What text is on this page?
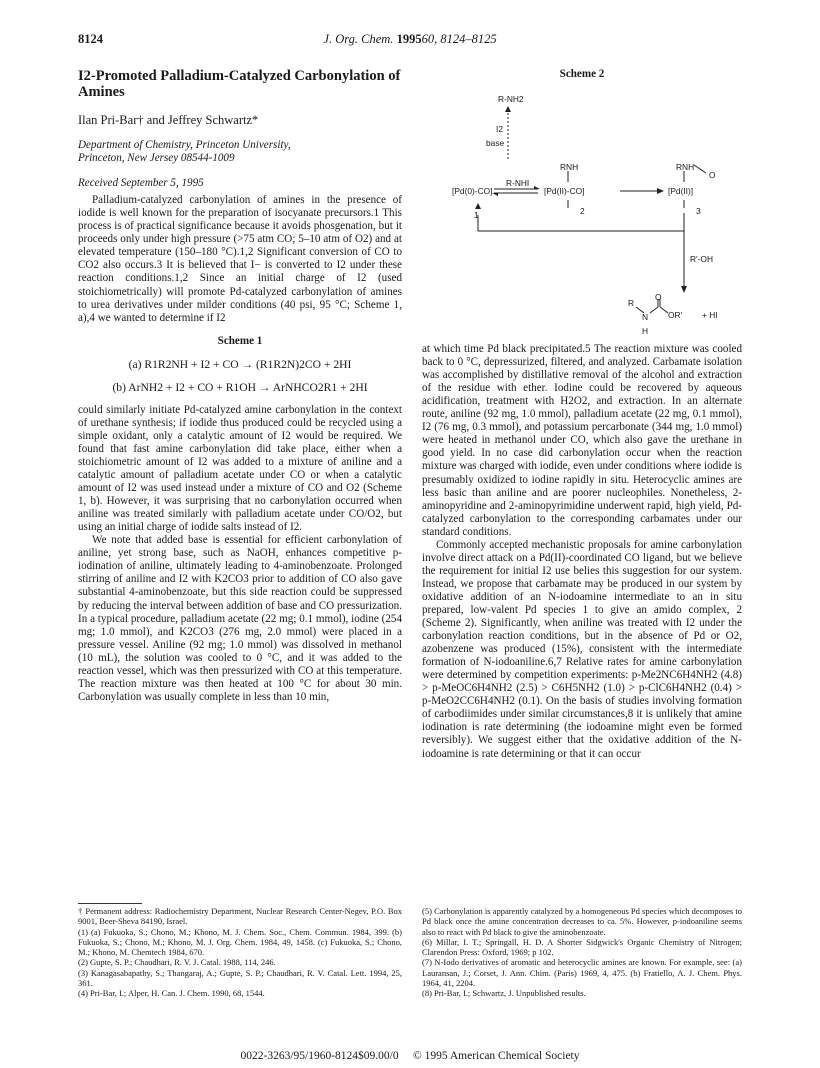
8124	J. Org. Chem. 199560, 8124–8125
I2-Promoted Palladium-Catalyzed Carbonylation of Amines
Ilan Pri-Bar† and Jeffrey Schwartz*
Department of Chemistry, Princeton University,
Princeton, New Jersey 08544-1009
Received September 5, 1995

Palladium-catalyzed carbonylation of amines in the presence of iodide is well known for the preparation of isocyanate precursors.1 This process is of practical significance because it avoids phosgenation, but it proceeds only under high pressure (>75 atm CO; 5–10 atm of O2) and at elevated temperature (150–180 °C).1,2 Significant conversion of CO to CO2 also occurs.3 It is believed that I− is converted to I2 under these reaction conditions.1,2 Since an initial charge of I2 (used stoichiometrically) will promote Pd-catalyzed carbonylation of amines to urea derivatives under milder conditions (40 psi, 95 °C; Scheme 1, a),4 we wanted to determine if I2

Scheme 1
(a) R1R2NH + I2 + CO → (R1R2N)2CO + 2HI
(b) ArNH2 + I2 + CO + R1OH → ArNHCO2R1 + 2HI

could similarly initiate Pd-catalyzed amine carbonylation in the context of urethane synthesis; if iodide thus produced could be recycled using a simple oxidant, only a catalytic amount of I2 would be required. We found that fast amine carbonylation did take place, either when a stoichiometric amount of I2 was added to a mixture of aniline and a catalytic amount of palladium acetate under CO or when a catalytic amount of I2 was used instead under a mixture of CO and O2 (Scheme 1, b). However, it was surprising that no carbonylation occurred when aniline was treated similarly with palladium acetate under CO/O2, but using an initial charge of iodide salts instead of I2.

We note that added base is essential for efficient carbonylation of aniline, yet strong base, such as NaOH, enhances competitive p-iodination of aniline, ultimately leading to 4-aminobenzoate. Prolonged stirring of aniline and I2 with K2CO3 prior to addition of CO also gave substantial 4-aminobenzoate, but this side reaction could be suppressed by reducing the interval between addition of base and CO pressurization. In a typical procedure, palladium acetate (22 mg; 0.1 mmol), iodine (254 mg; 1.0 mmol), and K2CO3 (276 mg, 2.0 mmol) were placed in a pressure vessel. Aniline (92 mg; 1.0 mmol) was dissolved in methanol (10 mL), the solution was cooled to 0 °C, and it was added to the reaction vessel, which was then pressurized with CO at this temperature. The reaction mixture was then heated at 100 °C for about 30 min. Carbonylation was usually complete in less than 10 min,

Scheme 2
R-NH2
I2
base
RNH
R-NHI
[Pd(0)-CO]	[Pd(II)-CO]
RNH
O
[Pd(II)]
1	2	3
R'-OH
R
N
O
OR' + HI
H

at which time Pd black precipitated.5 The reaction mixture was cooled back to 0 °C, depressurized, filtered, and analyzed. Carbamate isolation was accomplished by distillative removal of the alcohol and extraction of the residue with ether. Iodine could be recovered by aqueous acidification, treatment with H2O2, and extraction. In an alternate route, aniline (92 mg, 1.0 mmol), palladium acetate (22 mg, 0.1 mmol), I2 (76 mg, 0.3 mmol), and potassium percarbonate (344 mg, 1.0 mmol) were heated in methanol under CO, which also gave the urethane in good yield. In no case did carbonylation occur when the reaction mixture was charged with iodide, even under conditions where iodide is presumably oxidized to iodine rapidly in situ. Heterocyclic amines are less basic than aniline and are poorer nucleophiles. Nonetheless, 2-aminopyridine and 2-aminopyrimidine underwent rapid, high yield, Pd-catalyzed carbonylation to the corresponding carbamates under our standard conditions.

Commonly accepted mechanistic proposals for amine carbonylation involve direct attack on a Pd(II)-coordinated CO ligand, but we believe the requirement for initial I2 use belies this suggestion for our system. Instead, we propose that carbamate may be produced in our system by oxidative addition of an N-iodoamine intermediate to an in situ prepared, low-valent Pd species 1 to give an amido complex, 2 (Scheme 2). Significantly, when aniline was treated with I2 under the carbonylation reaction conditions, but in the absence of Pd or O2, azobenzene was produced (15%), consistent with the intermediate formation of N-iodoaniline.6,7 Relative rates for amine carbonylation were determined by competition experiments: p-Me2NC6H4NH2 (4.8) > p-MeOC6H4NH2 (2.5) > C6H5NH2 (1.0) > p-ClC6H4NH2 (0.4) > p-MeO2CC6H4NH2 (0.1). On the basis of studies involving formation of carbodiimides under similar circumstances,8 it is unlikely that amine iodination is rate determining (the iodoamine might even be formed reversibly). We suggest either that the oxidative addition of the N-iodoamine is rate determining or that it can occur

† Permanent address: Radiochemistry Department, Nuclear Research Center-Negev, P.O. Box 9001, Beer-Sheva 84190, Israel.
(1) (a) Fukuoka, S.; Chono, M.; Khono, M. J. Chem. Soc., Chem. Commun. 1984, 399. (b) Fukuoka, S.; Chono, M.; Khono, M. J. Org. Chem. 1984, 49, 1458. (c) Fukuoka, S.; Chono, M.; Khono, M. Chemtech 1984, 670.
(2) Gupte, S. P.; Chaudhari, R. V. J. Catal. 1988, 114, 246.
(3) Kanagasabapathy, S.; Thangaraj, A.; Gupte, S. P.; Chaudhari, R. V. Catal. Lett. 1994, 25, 361.
(4) Pri-Bar, I.; Alper, H. Can. J. Chem. 1990, 68, 1544.
(5) Carbonylation is apparently catalyzed by a homogeneous Pd species which decomposes to Pd black once the amine concentration decreases to ca. 5%. However, p-iodoaniline seems also to react with Pd black to give the aminobenzoate.
(6) Millar, I. T.; Springall, H. D. A Shorter Sidgwick's Organic Chemistry of Nitrogen; Clarendon Press: Oxford, 1969; p 102.
(7) N-Iodo derivatives of aromatic and heterocyclic amines are known. For example, see: (a) Lauransan, J.; Corset, J. Ann. Chim. (Paris) 1969, 4, 475. (b) Fratiello, A. J. Chem. Phys. 1964, 41, 2204.
(8) Pri-Bar, I.; Schwartz, J. Unpublished results.
0022-3263/95/1960-8124$09.00/0 © 1995 American Chemical Society
